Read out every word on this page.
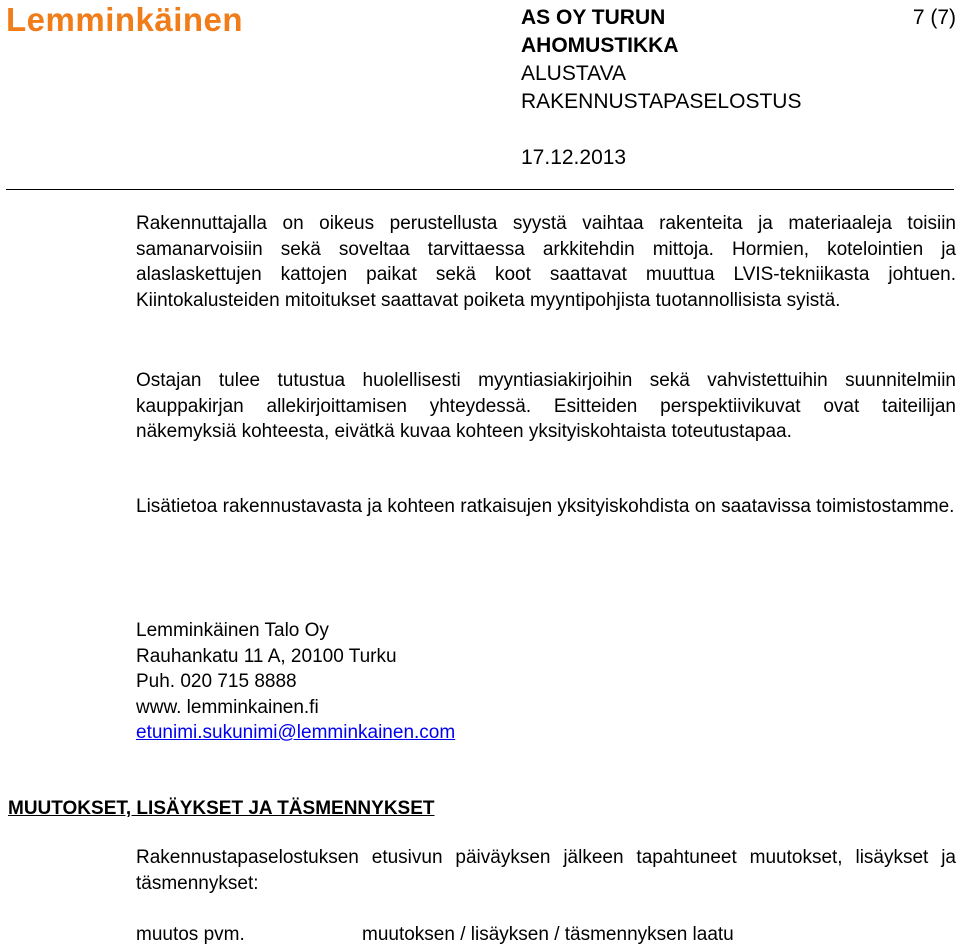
Lemminkäinen	AS OY TURUN
AHOMUSTIKKA
ALUSTAVA
RAKENNUSTAPASELOSTUS
17.12.2013
7 (7)
Rakennuttajalla on oikeus perustellusta syystä vaihtaa rakenteita ja materiaaleja toisiin samanarvoisiin sekä soveltaa tarvittaessa arkkitehdin mittoja. Hormien, kotelointien ja alaslaskettujen kattojen paikat sekä koot saattavat muuttua LVIS-tekniikasta johtuen. Kiintokalusteiden mitoitukset saattavat poiketa myyntipohjista tuotannollisista syistä.
Ostajan tulee tutustua huolellisesti myyntiasiakirjoihin sekä vahvistettuihin suunnitelmiin kauppakirjan allekirjoittamisen yhteydessä. Esitteiden perspektiivikuvat ovat taiteilijan näkemyksiä kohteesta, eivätkä kuvaa kohteen yksityiskohtaista toteutustapaa.
Lisätietoa rakennustavasta ja kohteen ratkaisujen yksityiskohdista on saatavissa toimistostamme.
Lemminkäinen Talo Oy
Rauhankatu 11 A, 20100 Turku
Puh. 020 715 8888
www. lemminkainen.fi
etunimi.sukunimi@lemminkainen.com
MUUTOKSET, LISÄYKSET JA TÄSMENNYKSET
Rakennustapaselostuksen etusivun päiväyksen jälkeen tapahtuneet muutokset, lisäykset ja täsmennykset:
muutos pvm.	muutoksen / lisäyksen / täsmennyksen laatu
